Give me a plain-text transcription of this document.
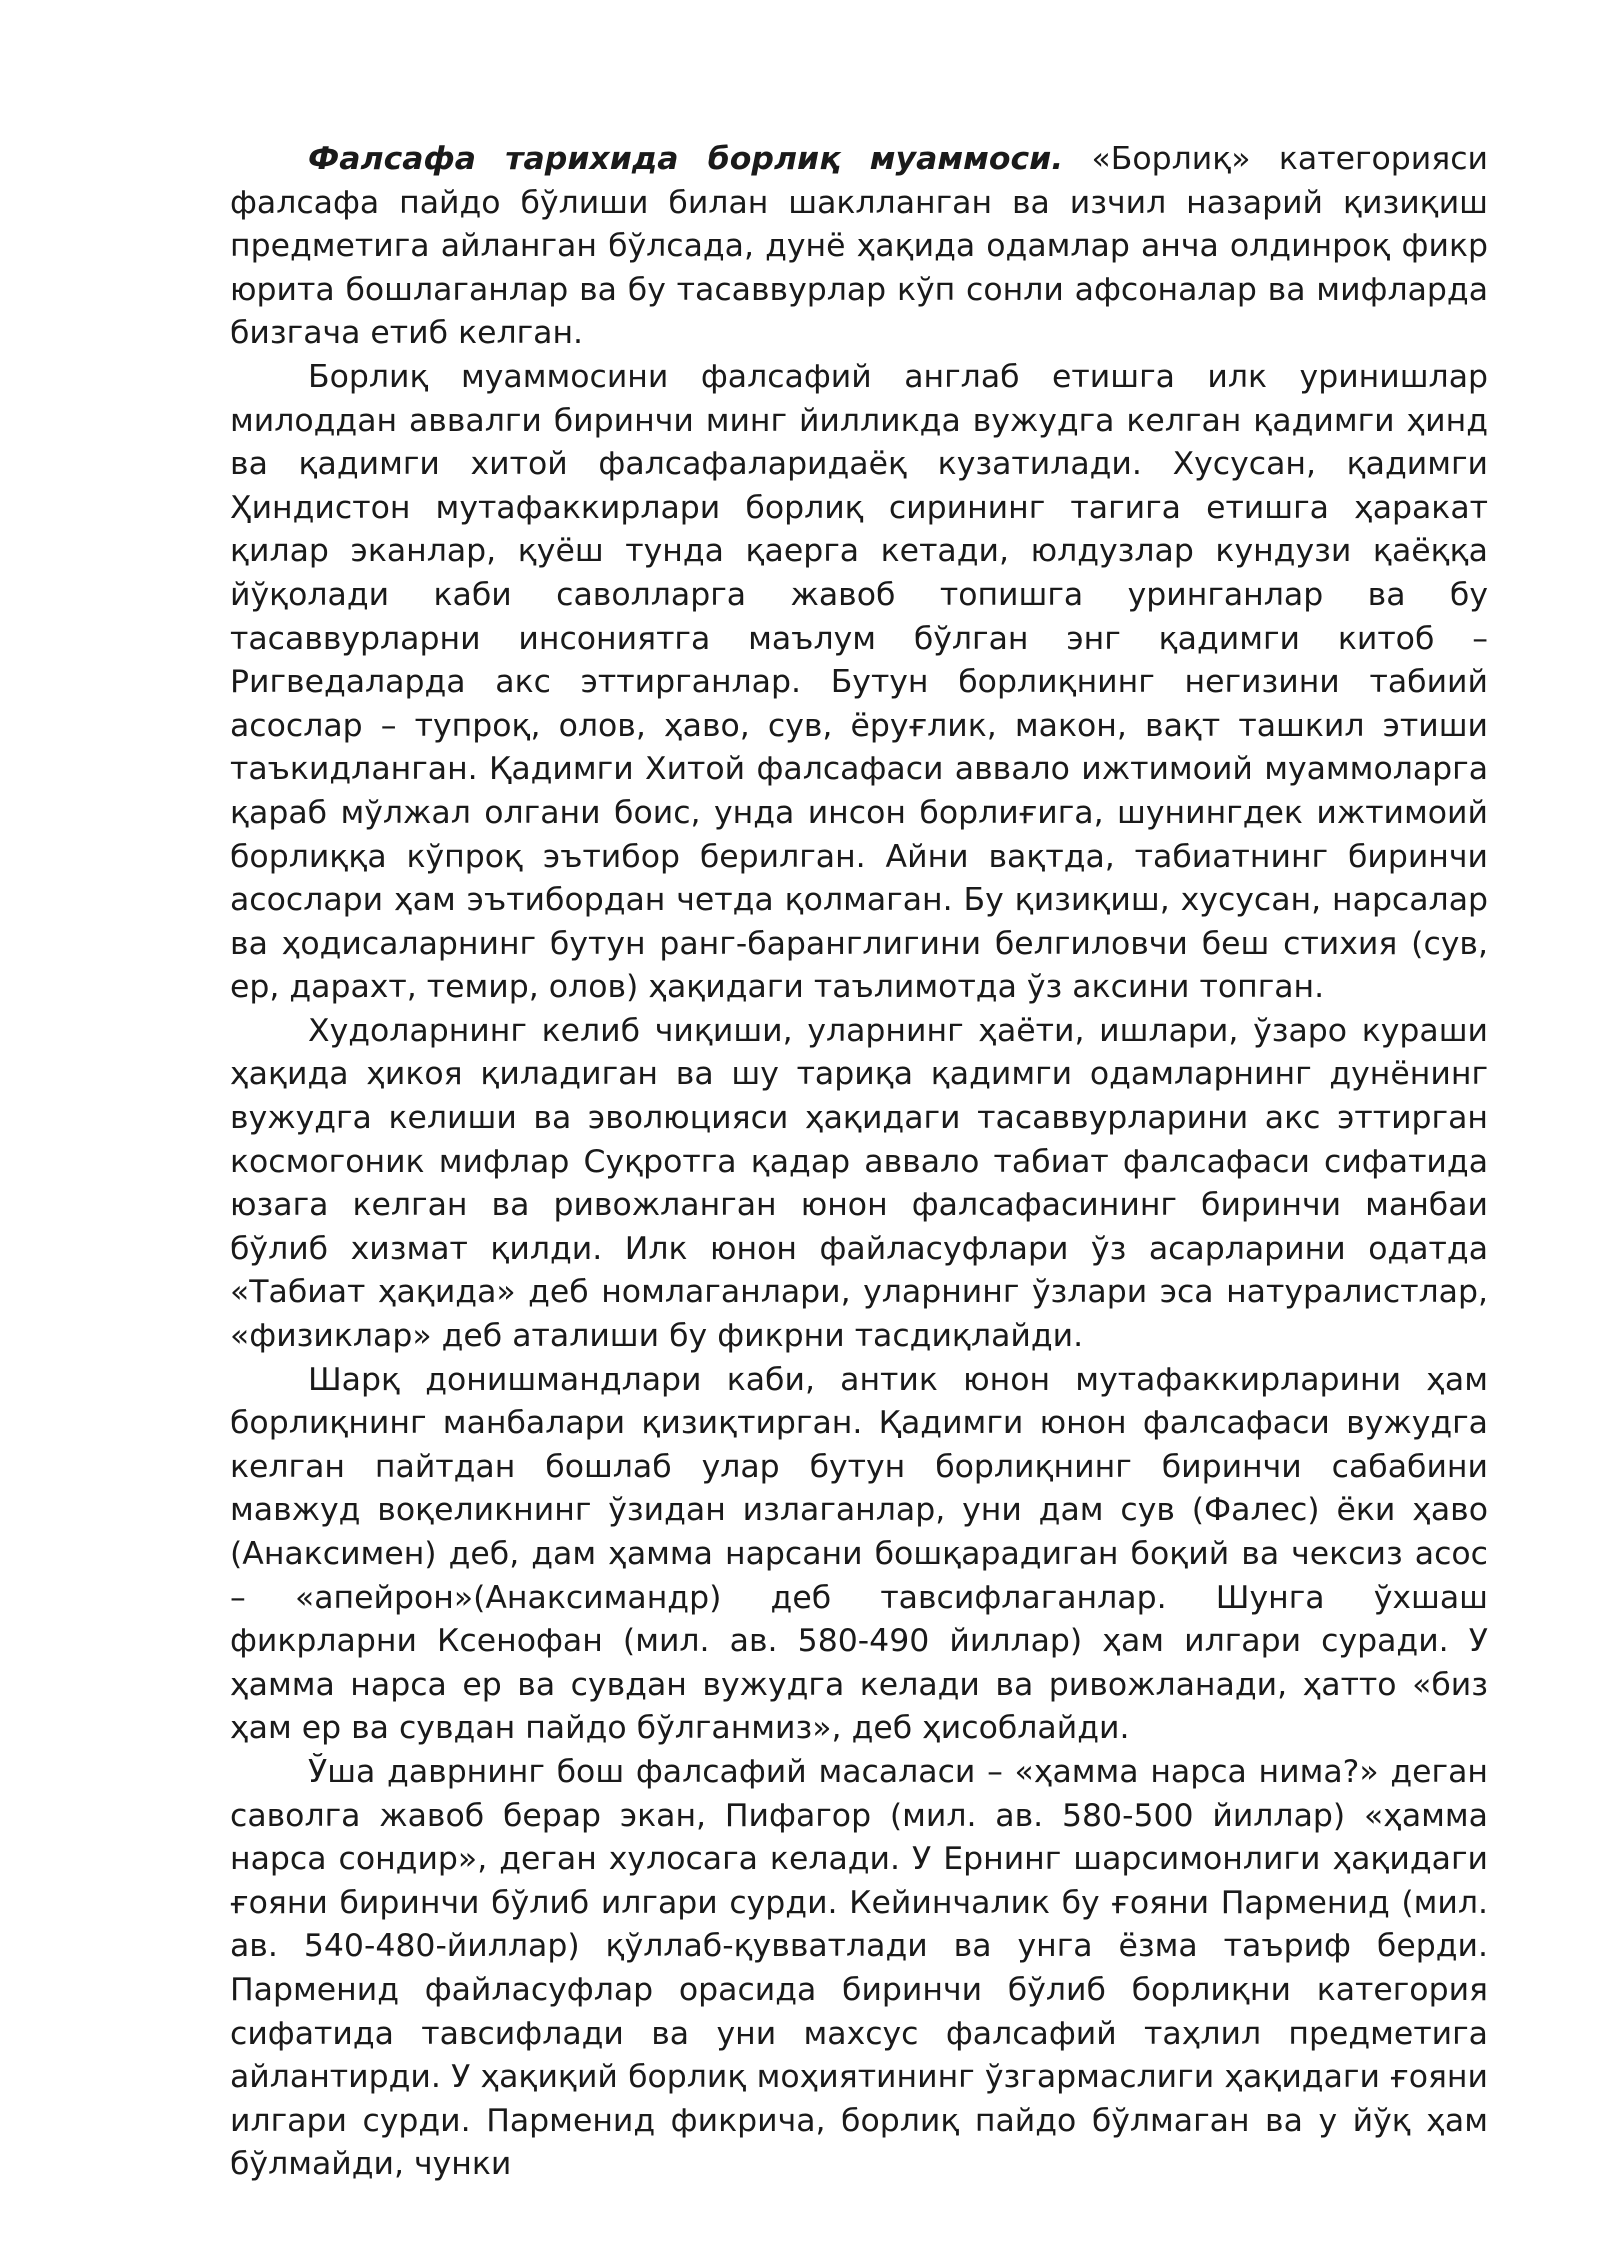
Фалсафа тарихида борлиқ муаммоси. «Борлиқ» категорияси фалсафа пайдо бўлиши билан шаклланган ва изчил назарий қизиқиш предметига айланган бўлсада, дунё ҳақида одамлар анча олдинроқ фикр юрита бошлаганлар ва бу тасаввурлар кўп сонли афсоналар ва мифларда бизгача етиб келган.

Борлиқ муаммосини фалсафий англаб етишга илк уринишлар милоддан аввалги биринчи минг йилликда вужудга келган қадимги ҳинд ва қадимги хитой фалсафаларидаёқ кузатилади. Хусусан, қадимги Ҳиндистон мутафаккирлари борлиқ сирининг тагига етишга ҳаракат қилар эканлар, қуёш тунда қаерга кетади, юлдузлар кундузи қаёққа йўқолади каби саволларга жавоб топишга уринганлар ва бу тасаввурларни инсониятга маълум бўлган энг қадимги китоб – Ригведаларда акс эттирганлар. Бутун борлиқнинг негизини табиий асослар – тупроқ, олов, ҳаво, сув, ёруғлик, макон, вақт ташкил этиши таъкидланган. Қадимги Хитой фалсафаси аввало ижтимоий муаммоларга қараб мўлжал олгани боис, унда инсон борлиғига, шунингдек ижтимоий борлиққа кўпроқ эътибор берилган. Айни вақтда, табиатнинг биринчи асослари ҳам эътибордан четда қолмаган. Бу қизиқиш, хусусан, нарсалар ва ҳодисаларнинг бутун ранг-баранглигини белгиловчи беш стихия (сув, ер, дарахт, темир, олов) ҳақидаги таълимотда ўз аксини топган.

Худоларнинг келиб чиқиши, уларнинг ҳаёти, ишлари, ўзаро кураши ҳақида ҳикоя қиладиган ва шу тариқа қадимги одамларнинг дунёнинг вужудга келиши ва эволюцияси ҳақидаги тасаввурларини акс эттирган космогоник мифлар Суқротга қадар аввало табиат фалсафаси сифатида юзага келган ва ривожланган юнон фалсафасининг биринчи манбаи бўлиб хизмат қилди. Илк юнон файласуфлари ўз асарларини одатда «Табиат ҳақида» деб номлаганлари, уларнинг ўзлари эса натуралистлар, «физиклар» деб аталиши бу фикрни тасдиқлайди.

Шарқ донишмандлари каби, антик юнон мутафаккирларини ҳам борлиқнинг манбалари қизиқтирган. Қадимги юнон фалсафаси вужудга келган пайтдан бошлаб улар бутун борлиқнинг биринчи сабабини мавжуд воқеликнинг ўзидан излаганлар, уни дам сув (Фалес) ёки ҳаво (Анаксимен) деб, дам ҳамма нарсани бошқарадиган боқий ва чексиз асос – «апейрон»(Анаксимандр) деб тавсифлаганлар. Шунга ўхшаш фикрларни Ксенофан (мил. ав. 580-490 йиллар) ҳам илгари суради. У ҳамма нарса ер ва сувдан вужудга келади ва ривожланади, ҳатто «биз ҳам ер ва сувдан пайдо бўлганмиз», деб ҳисоблайди.

Ўша даврнинг бош фалсафий масаласи – «ҳамма нарса нима?» деган саволга жавоб берар экан, Пифагор (мил. ав. 580-500 йиллар) «ҳамма нарса сондир», деган хулосага келади. У Ернинг шарсимонлиги ҳақидаги ғояни биринчи бўлиб илгари сурди. Кейинчалик бу ғояни Парменид (мил. ав. 540-480-йиллар) қўллаб-қувватлади ва унга ёзма таъриф берди. Парменид файласуфлар орасида биринчи бўлиб борлиқни категория сифатида тавсифлади ва уни махсус фалсафий таҳлил предметига айлантирди. У ҳақиқий борлиқ моҳиятининг ўзгармаслиги ҳақидаги ғояни илгари сурди. Парменид фикрича, борлиқ пайдо бўлмаган ва у йўқ ҳам бўлмайди, чунки
